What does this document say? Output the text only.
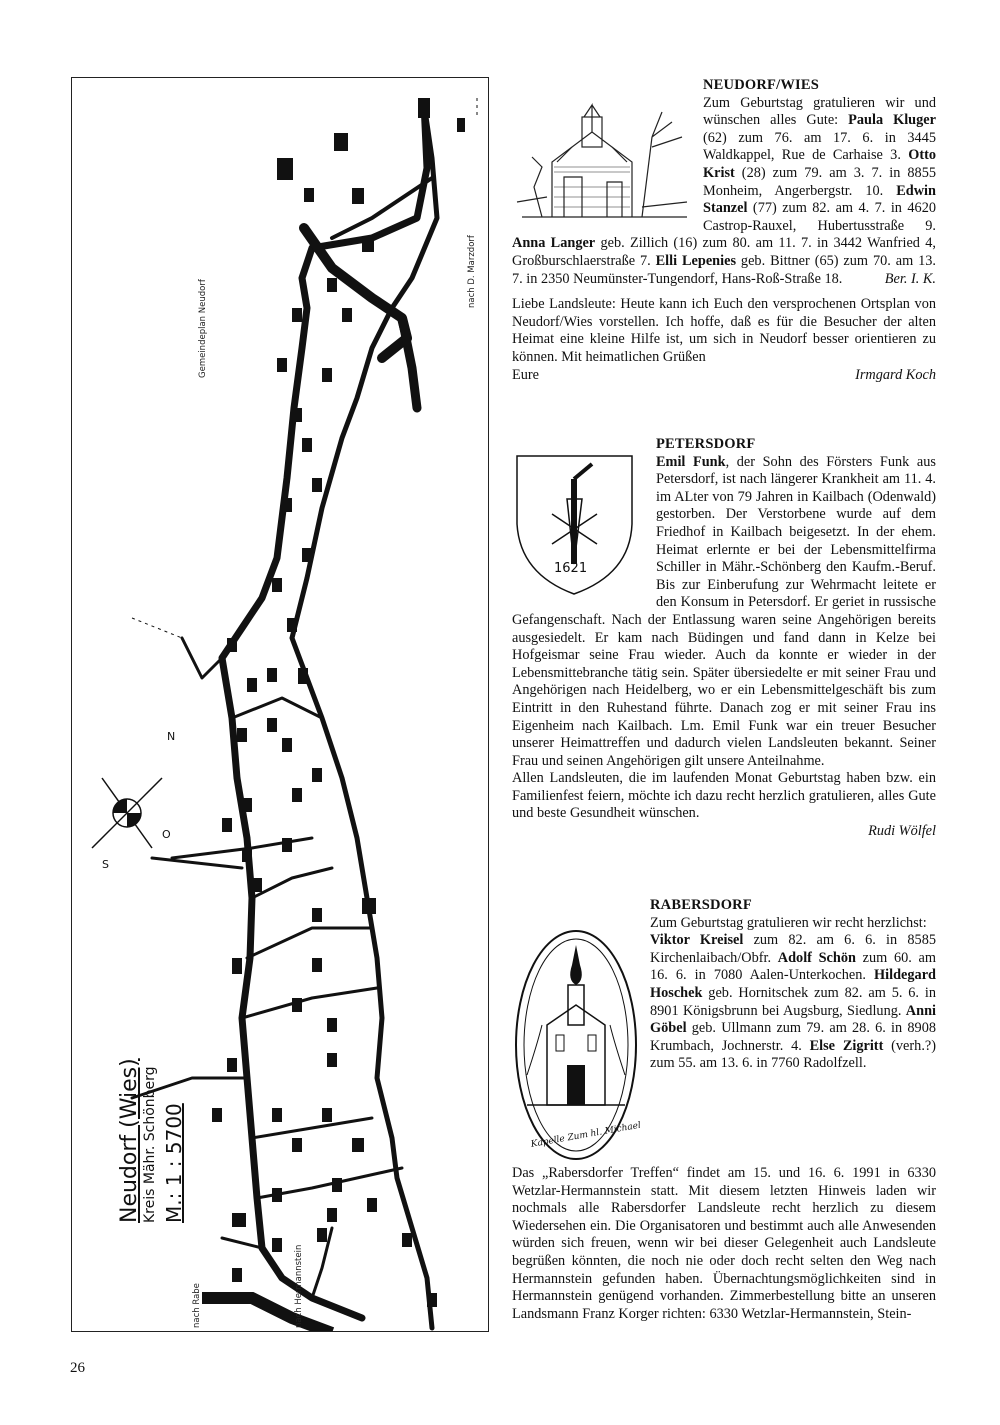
N
O
S
Neudorf (Wies) Kreis Mähr. Schönberg M.: 1 : 5700
nach D. Marzdorf
Gemeindeplan Neudorf
nach Rabe	nach Hermannstein

NEUDORF/WIES
Zum Geburtstag gratulieren wir und wünschen alles Gute: Paula Kluger (62) zum 76. am 17. 6. in 3445 Waldkappel, Rue de Carhaise 3. Otto Krist (28) zum 79. am 3. 7. in 8855 Monheim, Angerbergstr. 10. Edwin Stanzel (77) zum 82. am 4. 7. in 4620 Castrop-Rauxel, Hubertusstraße 9. Anna Langer geb. Zillich (16) zum 80. am 11. 7. in 3442 Wanfried 4, Großburschlaerstraße 7. Elli Lepenies geb. Bittner (65) zum 70. am 13. 7. in 2350 Neumünster-Tungendorf, Hans-Roß-Straße 18.	Ber. I. K.

Liebe Landsleute: Heute kann ich Euch den versprochenen Ortsplan von Neudorf/Wies vorstellen. Ich hoffe, daß es für die Besucher der alten Heimat eine kleine Hilfe ist, um sich in Neudorf besser orientieren zu können. Mit heimatlichen Grüßen
Eure	Irmgard Koch

1621

PETERSDORF
Emil Funk, der Sohn des Försters Funk aus Petersdorf, ist nach längerer Krankheit am 11. 4. im ALter von 79 Jahren in Kailbach (Odenwald) gestorben. Der Verstorbene wurde auf dem Friedhof in Kailbach beigesetzt. In der ehem. Heimat erlernte er bei der Lebensmittelfirma Schiller in Mähr.-Schönberg den Kaufm.-Beruf. Bis zur Einberufung zur Wehrmacht leitete er den Konsum in Petersdorf. Er geriet in russische Gefangenschaft. Nach der Entlassung waren seine Angehörigen bereits ausgesiedelt. Er kam nach Büdingen und fand dann in Kelze bei Hofgeismar seine Frau wieder. Auch da konnte er wieder in der Lebensmittebranche tätig sein. Später übersiedelte er mit seiner Frau und Angehörigen nach Heidelberg, wo er ein Lebensmittelgeschäft bis zum Eintritt in den Ruhestand führte. Danach zog er mit seiner Frau ins Eigenheim nach Kailbach. Lm. Emil Funk war ein treuer Besucher unserer Heimattreffen und dadurch vielen Landsleuten bekannt. Seiner Frau und seinen Angehörigen gilt unsere Anteilnahme.

Allen Landsleuten, die im laufenden Monat Geburtstag haben bzw. ein Familienfest feiern, möchte ich dazu recht herzlich gratulieren, alles Gute und beste Gesundheit wünschen.

Rudi Wölfel

Kapelle Zum hl. Michael

RABERSDORF
Zum Geburtstag gratulieren wir recht herzlichst:
Viktor Kreisel zum 82. am 6. 6. in 8585 Kirchenlaibach/Obfr. Adolf Schön zum 60. am 16. 6. in 7080 Aalen-Unterkochen. Hildegard Hoschek geb. Hornitschek zum 82. am 5. 6. in 8901 Königsbrunn bei Augsburg, Siedlung. Anni Göbel geb. Ullmann zum 79. am 28. 6. in 8908 Krumbach, Jochnerstr. 4. Else Zigritt (verh.?) zum 55. am 13. 6. in 7760 Radolfzell.

Das „Rabersdorfer Treffen“ findet am 15. und 16. 6. 1991 in 6330 Wetzlar-Hermannstein statt. Mit diesem letzten Hinweis laden wir nochmals alle Rabersdorfer Landsleute recht herzlich zu diesem Wiedersehen ein. Die Organisatoren und bestimmt auch alle Anwesenden würden sich freuen, wenn wir bei dieser Gelegenheit auch Landsleute begrüßen könnten, die noch nie oder doch recht selten den Weg nach Hermannstein gefunden haben. Übernachtungsmöglichkeiten sind in Hermannstein genügend vorhanden. Zimmerbestellung bitte an unseren Landsmann Franz Korger richten: 6330 Wetzlar-Hermannstein, Stein-

26
